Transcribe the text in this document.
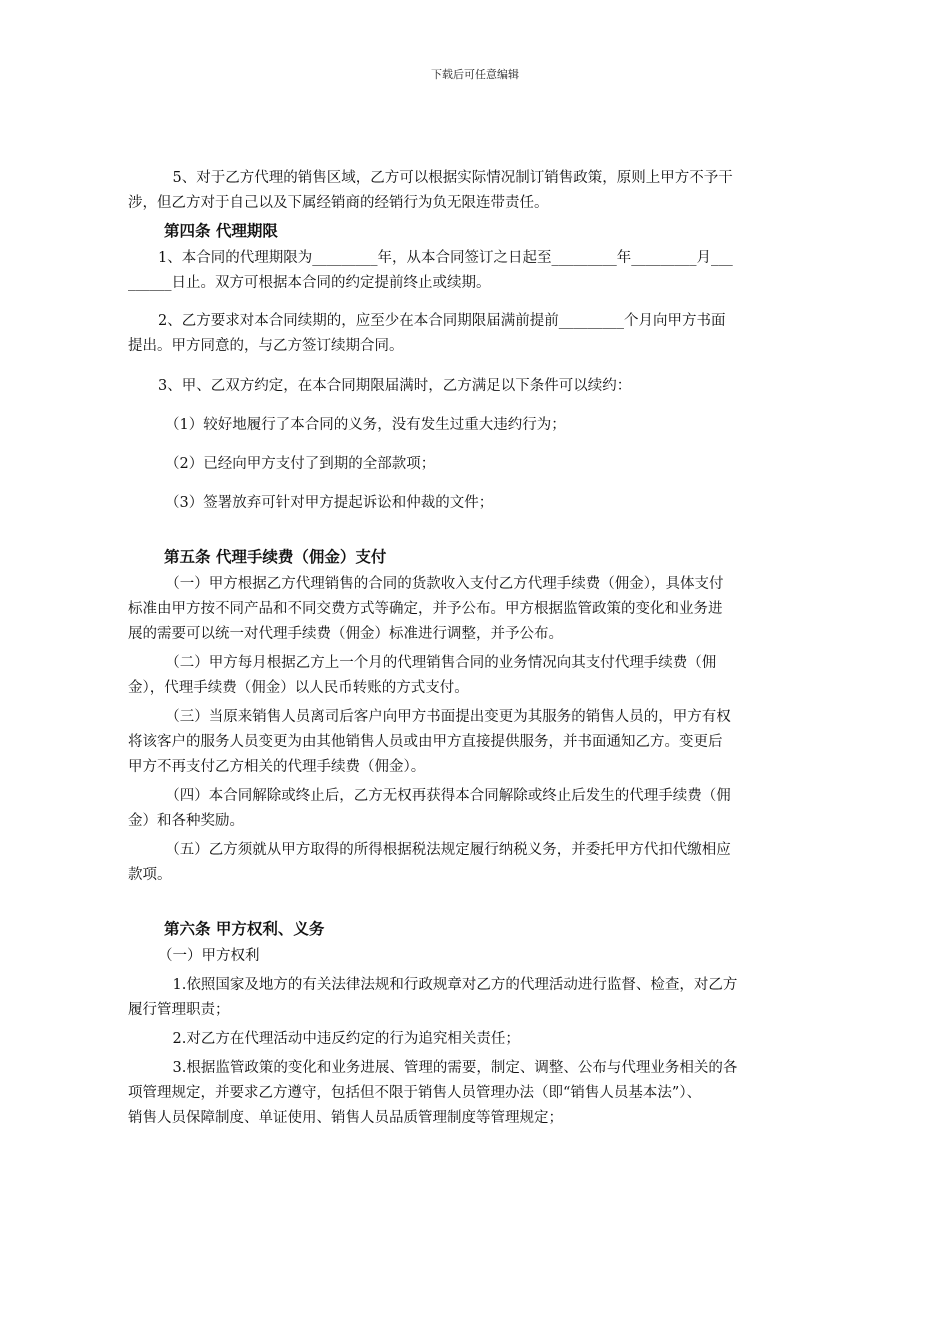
下载后可任意编辑
　5、对于乙方代理的销售区域，乙方可以根据实际情况制订销售政策，原则上甲方不予干
涉，但乙方对于自己以及下属经销商的经销行为负无限连带责任。
第四条 代理期限
1、本合同的代理期限为_________年，从本合同签订之日起至_________年_________月___
______日止。双方可根据本合同的约定提前终止或续期。
2、乙方要求对本合同续期的，应至少在本合同期限届满前提前_________个月向甲方书面
提出。甲方同意的，与乙方签订续期合同。
3、甲、乙双方约定，在本合同期限届满时，乙方满足以下条件可以续约：
（1）较好地履行了本合同的义务，没有发生过重大违约行为；
（2）已经向甲方支付了到期的全部款项；
（3）签署放弃可针对甲方提起诉讼和仲裁的文件；
第五条 代理手续费（佣金）支付
　（一）甲方根据乙方代理销售的合同的货款收入支付乙方代理手续费（佣金），具体支付
标准由甲方按不同产品和不同交费方式等确定，并予公布。甲方根据监管政策的变化和业务进
展的需要可以统一对代理手续费（佣金）标准进行调整，并予公布。
　（二）甲方每月根据乙方上一个月的代理销售合同的业务情况向其支付代理手续费（佣
金），代理手续费（佣金）以人民币转账的方式支付。
　（三）当原来销售人员离司后客户向甲方书面提出变更为其服务的销售人员的，甲方有权
将该客户的服务人员变更为由其他销售人员或由甲方直接提供服务，并书面通知乙方。变更后
甲方不再支付乙方相关的代理手续费（佣金）。
　（四）本合同解除或终止后，乙方无权再获得本合同解除或终止后发生的代理手续费（佣
金）和各种奖励。
　（五）乙方须就从甲方取得的所得根据税法规定履行纳税义务，并委托甲方代扣代缴相应
款项。
第六条 甲方权利、义务
（一）甲方权利
　1.依照国家及地方的有关法律法规和行政规章对乙方的代理活动进行监督、检查，对乙方
履行管理职责；
　2.对乙方在代理活动中违反约定的行为追究相关责任；
　3.根据监管政策的变化和业务进展、管理的需要，制定、调整、公布与代理业务相关的各
项管理规定，并要求乙方遵守，包括但不限于销售人员管理办法（即“销售人员基本法”）、
销售人员保障制度、单证使用、销售人员品质管理制度等管理规定；
